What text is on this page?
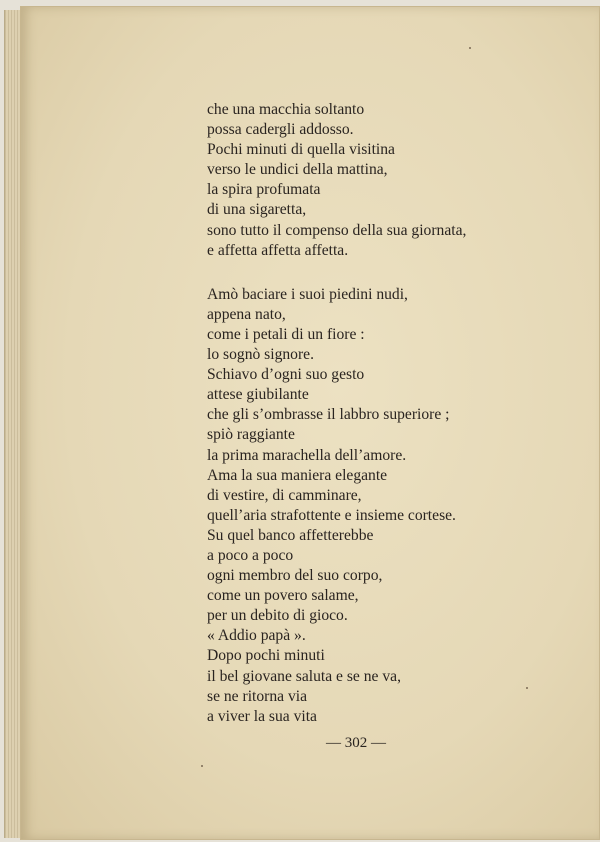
che una macchia soltanto
possa cadergli addosso.
Pochi minuti di quella visitina
verso le undici della mattina,
la spira profumata
di una sigaretta,
sono tutto il compenso della sua giornata,
e affetta affetta affetta.
Amò baciare i suoi piedini nudi,
appena nato,
come i petali di un fiore :
lo sognò signore.
Schiavo d’ogni suo gesto
attese giubilante
che gli s’ombrasse il labbro superiore ;
spiò raggiante
la prima marachella dell’amore.
Ama la sua maniera elegante
di vestire, di camminare,
quell’aria strafottente e insieme cortese.
Su quel banco affetterebbe
a poco a poco
ogni membro del suo corpo,
come un povero salame,
per un debito di gioco.
« Addio papà ».
Dopo pochi minuti
il bel giovane saluta e se ne va,
se ne ritorna via
a viver la sua vita
— 302 —
